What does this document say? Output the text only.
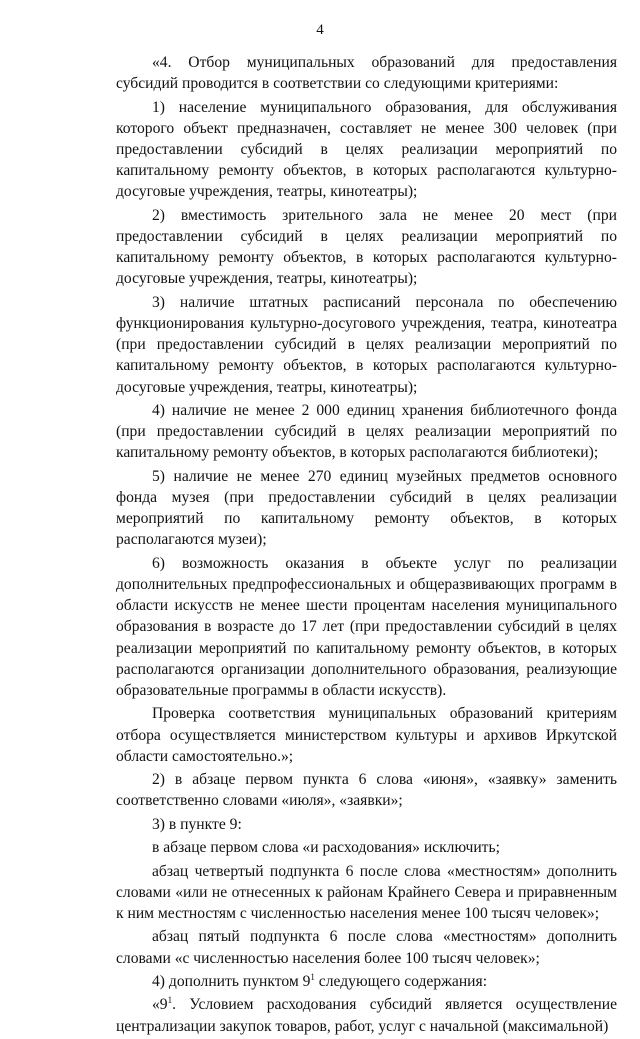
4

«4. Отбор муниципальных образований для предоставления субсидий проводится в соответствии со следующими критериями:

1) население муниципального образования, для обслуживания которого объект предназначен, составляет не менее 300 человек (при предоставлении субсидий в целях реализации мероприятий по капитальному ремонту объектов, в которых располагаются культурно-досуговые учреждения, театры, кинотеатры);

2) вместимость зрительного зала не менее 20 мест (при предоставлении субсидий в целях реализации мероприятий по капитальному ремонту объектов, в которых располагаются культурно-досуговые учреждения, театры, кинотеатры);

3) наличие штатных расписаний персонала по обеспечению функционирования культурно-досугового учреждения, театра, кинотеатра (при предоставлении субсидий в целях реализации мероприятий по капитальному ремонту объектов, в которых располагаются культурно-досуговые учреждения, театры, кинотеатры);

4) наличие не менее 2 000 единиц хранения библиотечного фонда (при предоставлении субсидий в целях реализации мероприятий по капитальному ремонту объектов, в которых располагаются библиотеки);

5) наличие не менее 270 единиц музейных предметов основного фонда музея (при предоставлении субсидий в целях реализации мероприятий по капитальному ремонту объектов, в которых располагаются музеи);

6) возможность оказания в объекте услуг по реализации дополнительных предпрофессиональных и общеразвивающих программ в области искусств не менее шести процентам населения муниципального образования в возрасте до 17 лет (при предоставлении субсидий в целях реализации мероприятий по капитальному ремонту объектов, в которых располагаются организации дополнительного образования, реализующие образовательные программы в области искусств).

Проверка соответствия муниципальных образований критериям отбора осуществляется министерством культуры и архивов Иркутской области самостоятельно.»;

2) в абзаце первом пункта 6 слова «июня», «заявку» заменить соответственно словами «июля», «заявки»;

3) в пункте 9:

в абзаце первом слова «и расходования» исключить;

абзац четвертый подпункта 6 после слова «местностям» дополнить словами «или не отнесенных к районам Крайнего Севера и приравненным к ним местностям с численностью населения менее 100 тысяч человек»;

абзац пятый подпункта 6 после слова «местностям» дополнить словами «с численностью населения более 100 тысяч человек»;

4) дополнить пунктом $9^1$ следующего содержания:

«$9^1$. Условием расходования субсидий является осуществление централизации закупок товаров, работ, услуг с начальной (максимальной)
